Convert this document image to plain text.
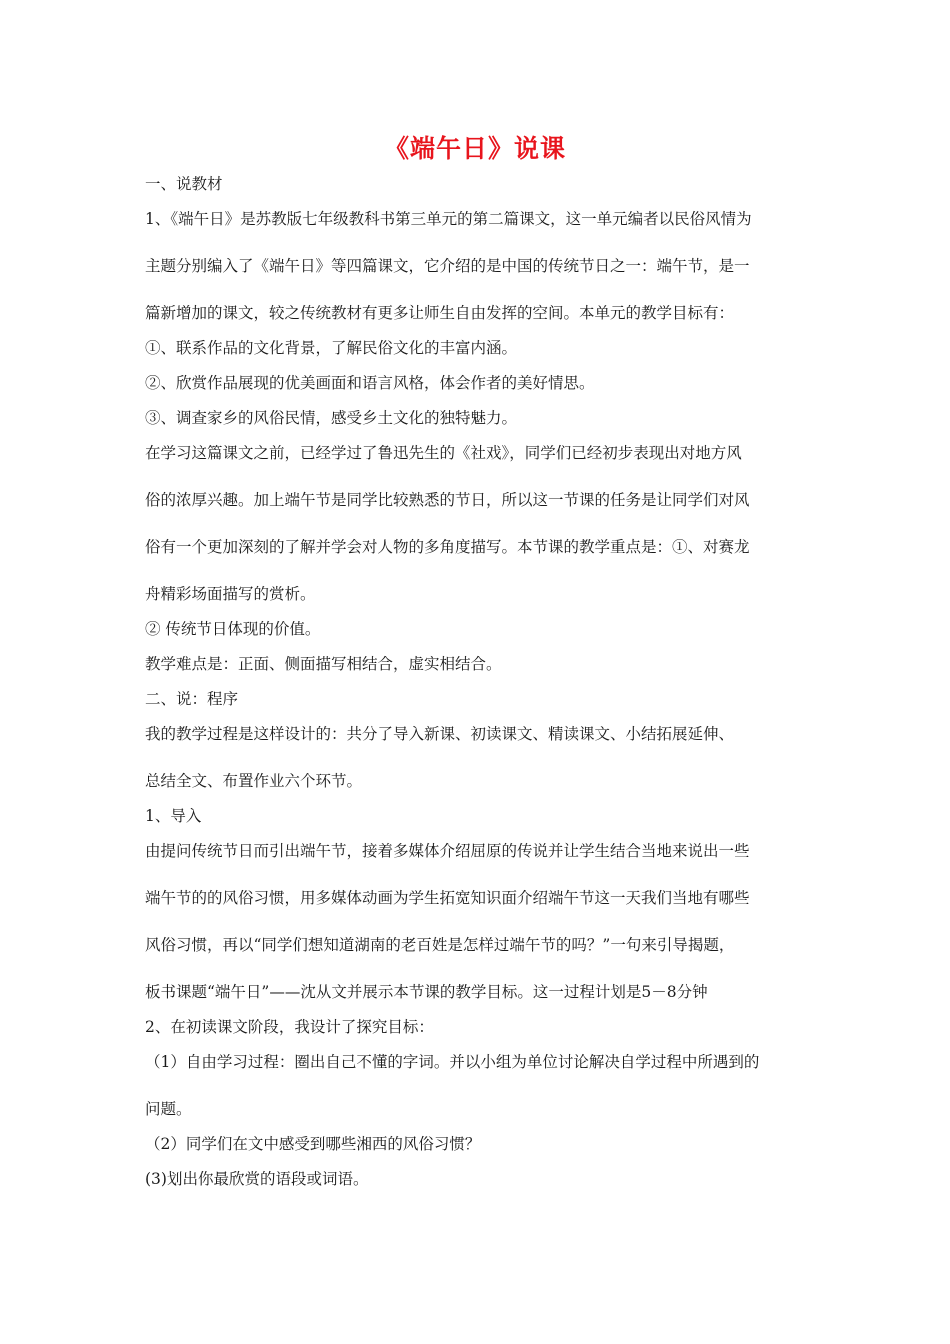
《端午日》说课
一、说教材
1、《端午日》是苏教版七年级教科书第三单元的第二篇课文，这一单元编者以民俗风情为
主题分别编入了《端午日》等四篇课文，它介绍的是中国的传统节日之一：端午节，是一
篇新增加的课文，较之传统教材有更多让师生自由发挥的空间。本单元的教学目标有：
①、联系作品的文化背景，了解民俗文化的丰富内涵。
②、欣赏作品展现的优美画面和语言风格，体会作者的美好情思。
③、调查家乡的风俗民情，感受乡土文化的独特魅力。
在学习这篇课文之前，已经学过了鲁迅先生的《社戏》，同学们已经初步表现出对地方风
俗的浓厚兴趣。加上端午节是同学比较熟悉的节日，所以这一节课的任务是让同学们对风
俗有一个更加深刻的了解并学会对人物的多角度描写。本节课的教学重点是：①、对赛龙
舟精彩场面描写的赏析。
② 传统节日体现的价值。
教学难点是：正面、侧面描写相结合，虚实相结合。
二、说：程序
我的教学过程是这样设计的：共分了导入新课、初读课文、精读课文、小结拓展延伸、
总结全文、布置作业六个环节。
1、导入
由提问传统节日而引出端午节，接着多媒体介绍屈原的传说并让学生结合当地来说出一些
端午节的的风俗习惯，用多媒体动画为学生拓宽知识面介绍端午节这一天我们当地有哪些
风俗习惯，再以“同学们想知道湖南的老百姓是怎样过端午节的吗？”一句来引导揭题，
板书课题“端午日”——沈从文并展示本节课的教学目标。这一过程计划是5－8分钟
2、在初读课文阶段，我设计了探究目标：
（1）自由学习过程：圈出自己不懂的字词。并以小组为单位讨论解决自学过程中所遇到的
问题。
（2）同学们在文中感受到哪些湘西的风俗习惯？
(3)划出你最欣赏的语段或词语。
